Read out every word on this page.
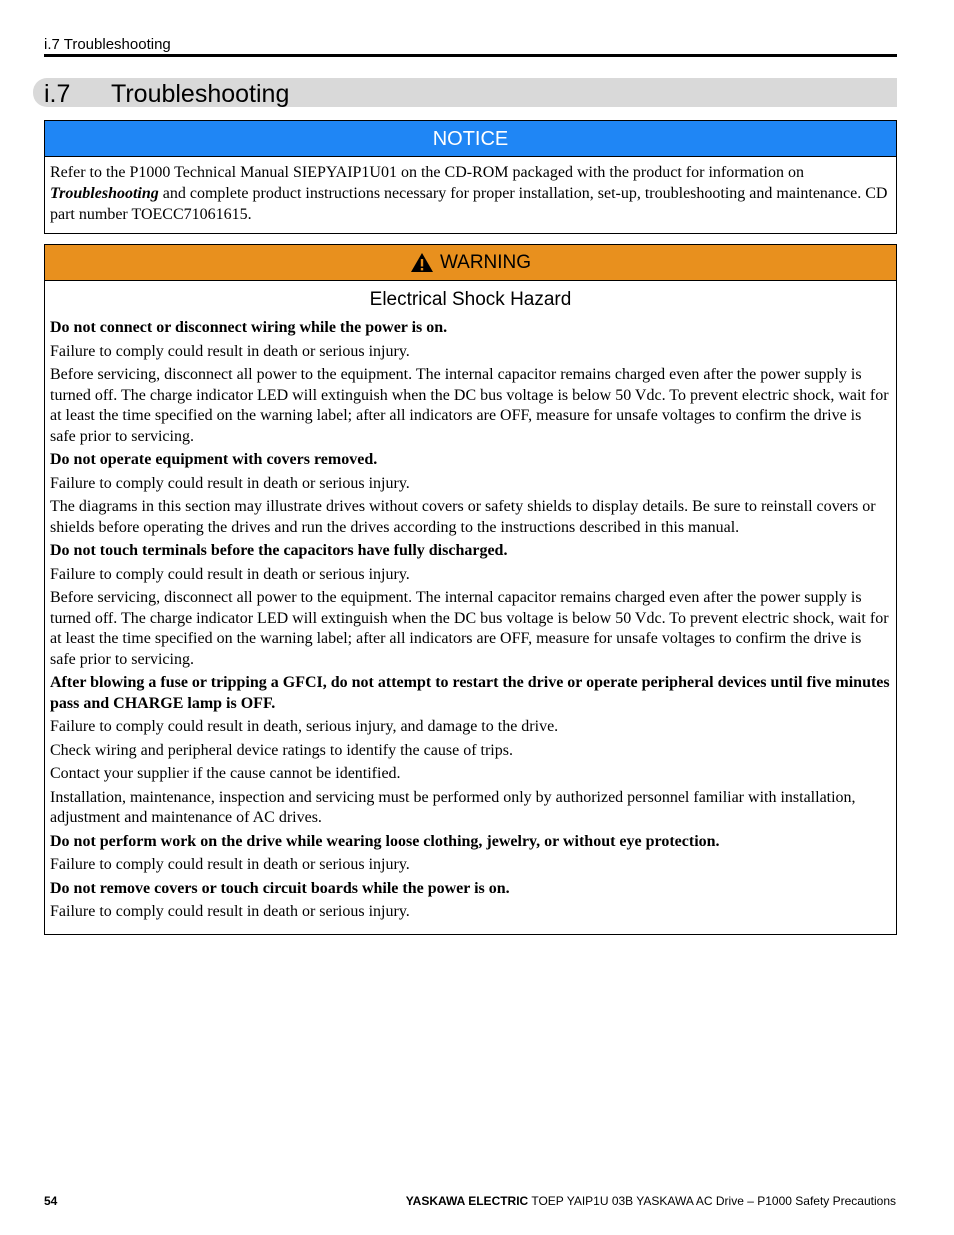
i.7 Troubleshooting
i.7 Troubleshooting
NOTICE
Refer to the P1000 Technical Manual SIEPYAIP1U01 on the CD-ROM packaged with the product for information on Troubleshooting and complete product instructions necessary for proper installation, set-up, troubleshooting and maintenance. CD part number TOECC71061615.
WARNING
Electrical Shock Hazard

Do not connect or disconnect wiring while the power is on.

Failure to comply could result in death or serious injury.

Before servicing, disconnect all power to the equipment. The internal capacitor remains charged even after the power supply is turned off. The charge indicator LED will extinguish when the DC bus voltage is below 50 Vdc. To prevent electric shock, wait for at least the time specified on the warning label; after all indicators are OFF, measure for unsafe voltages to confirm the drive is safe prior to servicing.

Do not operate equipment with covers removed.

Failure to comply could result in death or serious injury.

The diagrams in this section may illustrate drives without covers or safety shields to display details. Be sure to reinstall covers or shields before operating the drives and run the drives according to the instructions described in this manual.

Do not touch terminals before the capacitors have fully discharged.

Failure to comply could result in death or serious injury.

Before servicing, disconnect all power to the equipment. The internal capacitor remains charged even after the power supply is turned off. The charge indicator LED will extinguish when the DC bus voltage is below 50 Vdc. To prevent electric shock, wait for at least the time specified on the warning label; after all indicators are OFF, measure for unsafe voltages to confirm the drive is safe prior to servicing.

After blowing a fuse or tripping a GFCI, do not attempt to restart the drive or operate peripheral devices until five minutes pass and CHARGE lamp is OFF.

Failure to comply could result in death, serious injury, and damage to the drive.

Check wiring and peripheral device ratings to identify the cause of trips.

Contact your supplier if the cause cannot be identified.

Installation, maintenance, inspection and servicing must be performed only by authorized personnel familiar with installation, adjustment and maintenance of AC drives.

Do not perform work on the drive while wearing loose clothing, jewelry, or without eye protection.

Failure to comply could result in death or serious injury.

Do not remove covers or touch circuit boards while the power is on.

Failure to comply could result in death or serious injury.

54	YASKAWA ELECTRIC TOEP YAIP1U 03B YASKAWA AC Drive – P1000 Safety Precautions
